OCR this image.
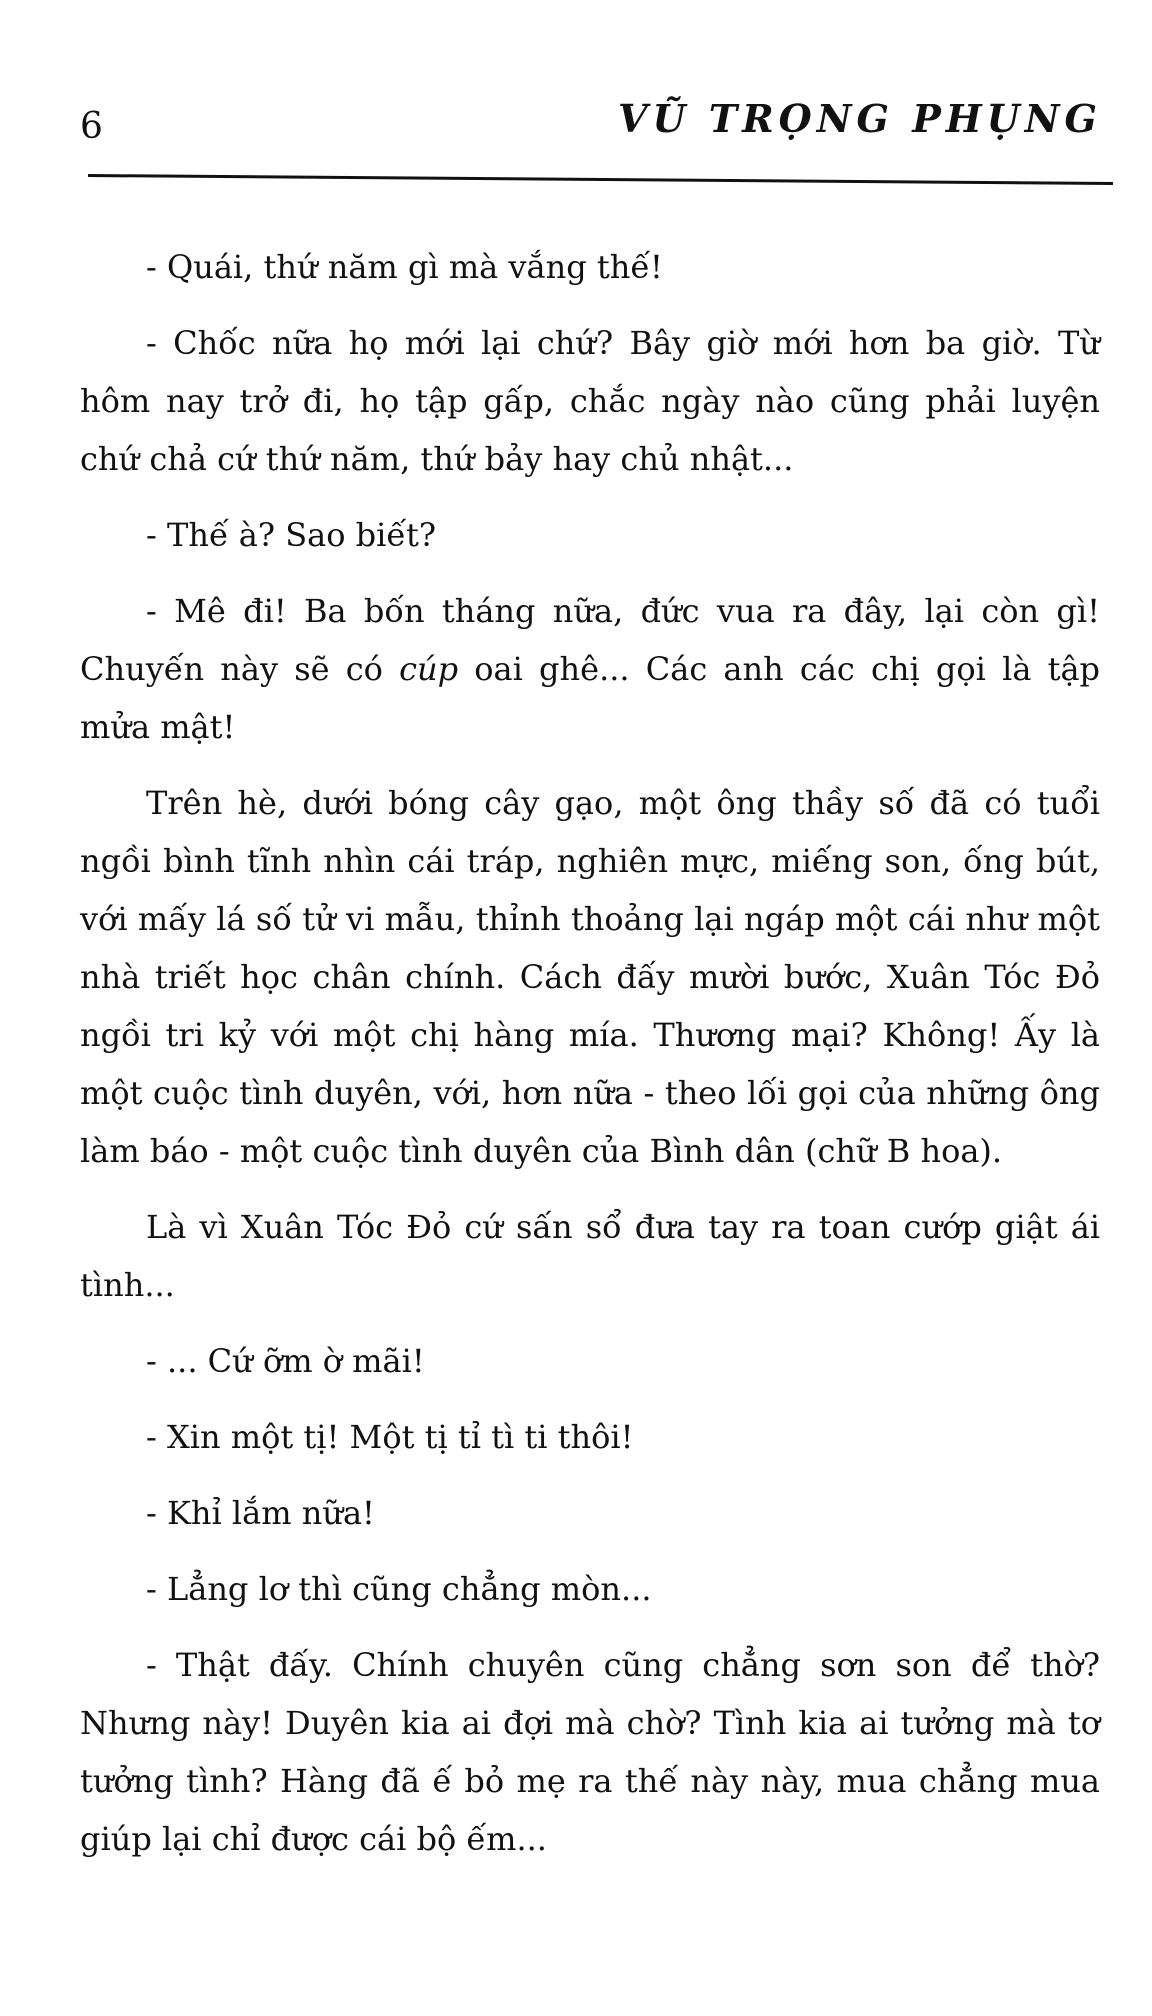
6	VŨ TRỌNG PHỤNG

- Quái, thứ năm gì mà vắng thế!

- Chốc nữa họ mới lại chứ? Bây giờ mới hơn ba giờ. Từ hôm nay trở đi, họ tập gấp, chắc ngày nào cũng phải luyện chứ chả cứ thứ năm, thứ bảy hay chủ nhật...

- Thế à? Sao biết?

- Mê đi! Ba bốn tháng nữa, đức vua ra đây, lại còn gì! Chuyến này sẽ có cúp oai ghê... Các anh các chị gọi là tập mửa mật!

Trên hè, dưới bóng cây gạo, một ông thầy số đã có tuổi ngồi bình tĩnh nhìn cái tráp, nghiên mực, miếng son, ống bút, với mấy lá số tử vi mẫu, thỉnh thoảng lại ngáp một cái như một nhà triết học chân chính. Cách đấy mười bước, Xuân Tóc Đỏ ngồi tri kỷ với một chị hàng mía. Thương mại? Không! Ấy là một cuộc tình duyên, với, hơn nữa - theo lối gọi của những ông làm báo - một cuộc tình duyên của Bình dân (chữ B hoa).

Là vì Xuân Tóc Đỏ cứ sấn sổ đưa tay ra toan cướp giật ái tình...

- ... Cứ ỡm ờ mãi!

- Xin một tị! Một tị tỉ tì ti thôi!

- Khỉ lắm nữa!

- Lẳng lơ thì cũng chẳng mòn...

- Thật đấy. Chính chuyên cũng chẳng sơn son để thờ? Nhưng này! Duyên kia ai đợi mà chờ? Tình kia ai tưởng mà tơ tưởng tình? Hàng đã ế bỏ mẹ ra thế này này, mua chẳng mua giúp lại chỉ được cái bộ ếm...
